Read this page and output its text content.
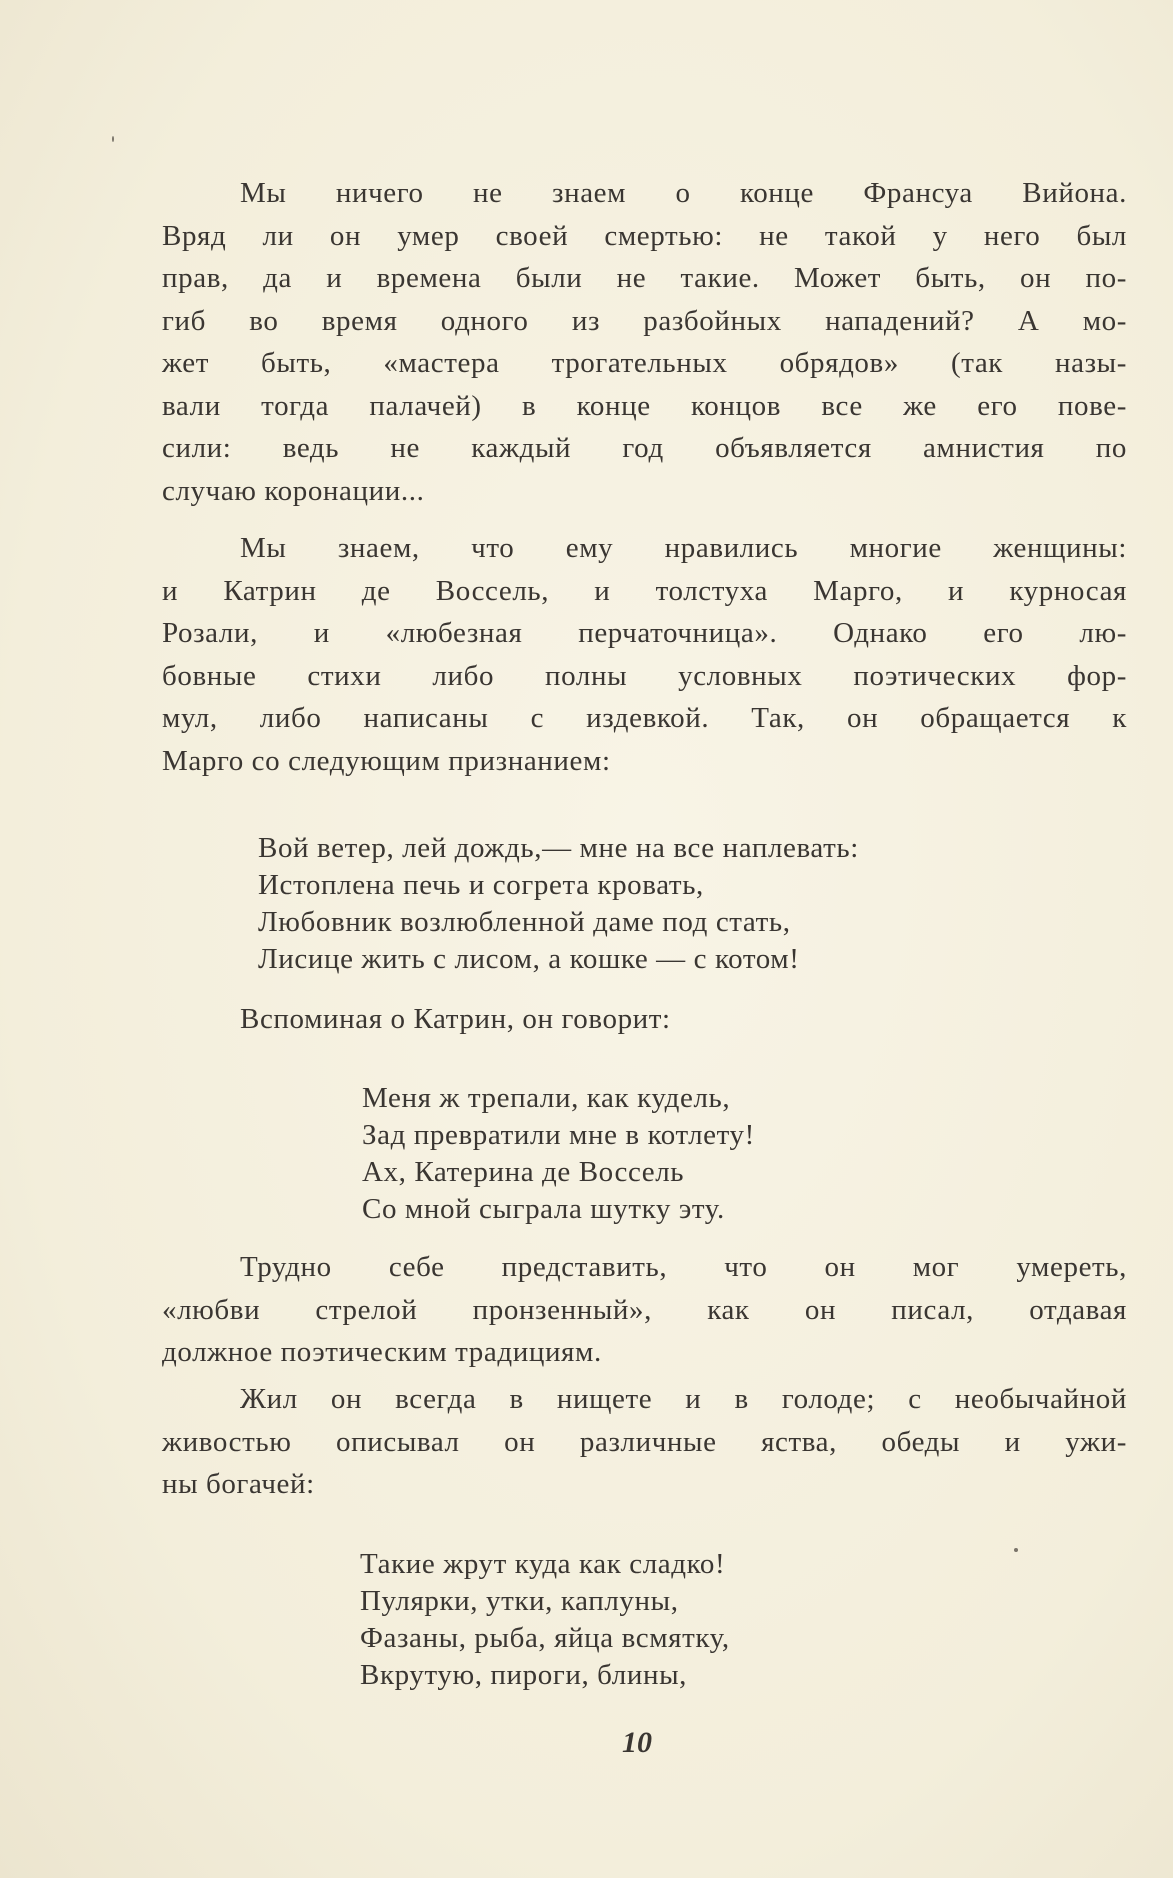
Мы ничего не знаем о конце Франсуа Вийона.
Вряд ли он умер своей смертью: не такой у него был
прав, да и времена были не такие. Может быть, он по-
гиб во время одного из разбойных нападений? А мо-
жет быть, «мастера трогательных обрядов» (так назы-
вали тогда палачей) в конце концов все же его пове-
сили: ведь не каждый год объявляется амнистия по
случаю коронации...
Мы знаем, что ему нравились многие женщины:
и Катрин де Воссель, и толстуха Марго, и курносая
Розали, и «любезная перчаточница». Однако его лю-
бовные стихи либо полны условных поэтических фор-
мул, либо написаны с издевкой. Так, он обращается к
Марго со следующим признанием:
Вой ветер, лей дождь,— мне на все наплевать:
Истоплена печь и согрета кровать,
Любовник возлюбленной даме под стать,
Лисице жить с лисом, а кошке — с котом!
Вспоминая о Катрин, он говорит:
Меня ж трепали, как кудель,
Зад превратили мне в котлету!
Ах, Катерина де Воссель
Со мной сыграла шутку эту.
Трудно себе представить, что он мог умереть,
«любви стрелой пронзенный», как он писал, отдавая
должное поэтическим традициям.
Жил он всегда в нищете и в голоде; с необычайной
живостью описывал он различные яства, обеды и ужи-
ны богачей:
Такие жрут куда как сладко!
Пулярки, утки, каплуны,
Фазаны, рыба, яйца всмятку,
Вкрутую, пироги, блины,
10
